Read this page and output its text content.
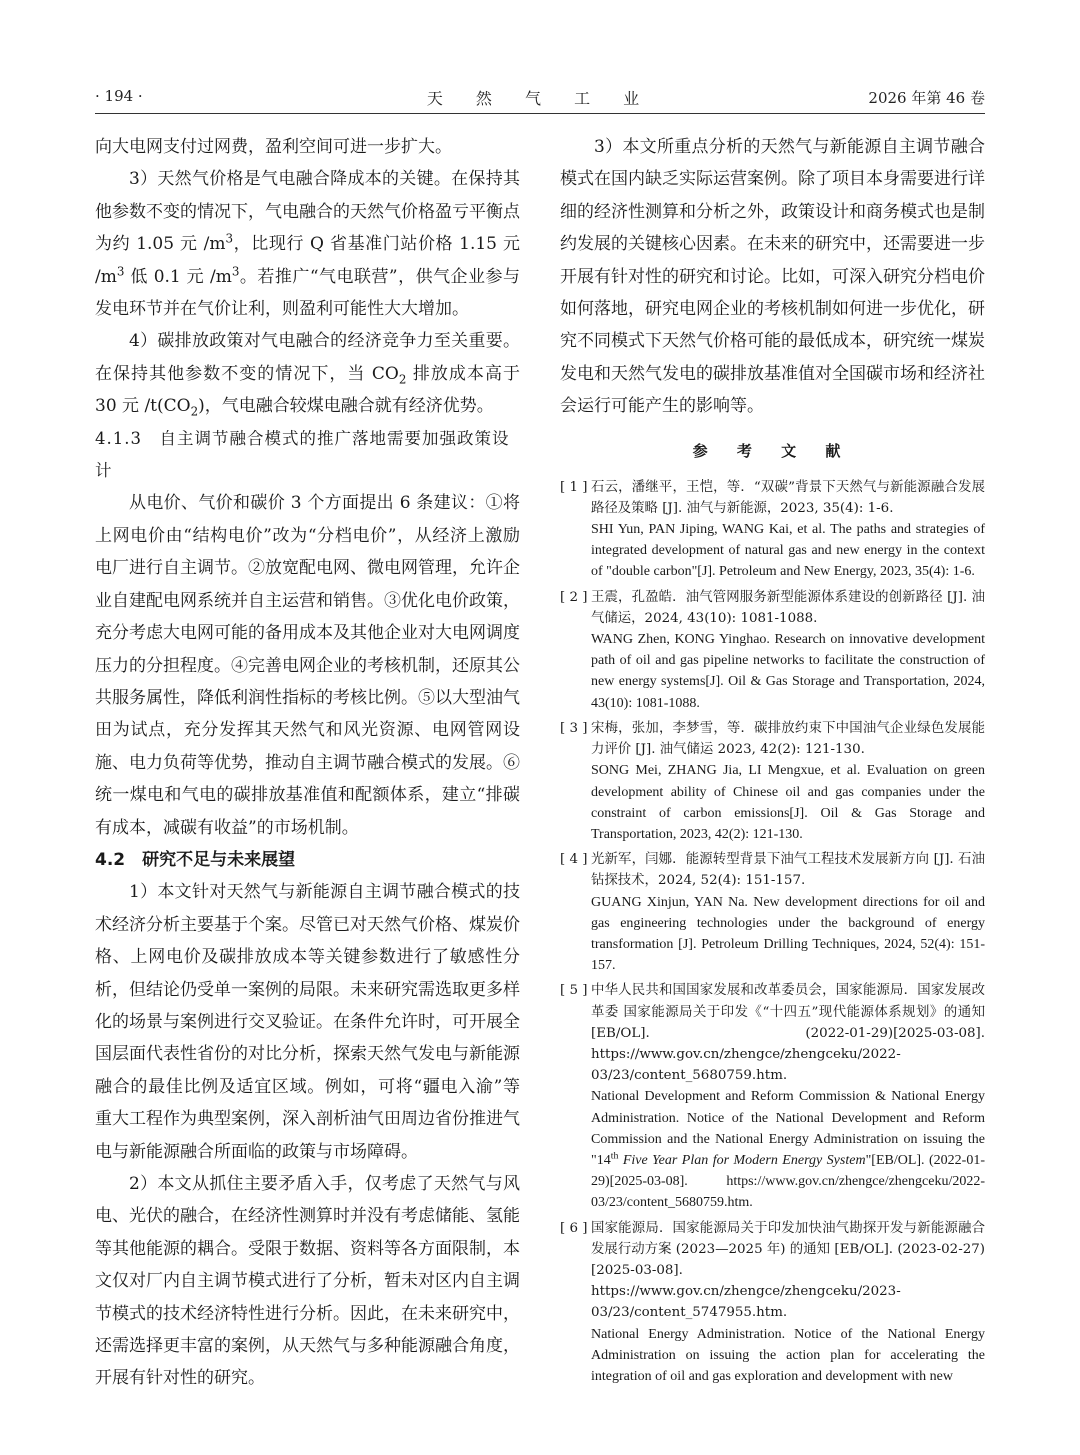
· 194 ·	天 然 气 工 业	2026 年第 46 卷

向大电网支付过网费，盈利空间可进一步扩大。

3）天然气价格是气电融合降成本的关键。在保持其他参数不变的情况下，气电融合的天然气价格盈亏平衡点为约 1.05 元 $/m^3$，比现行 Q 省基准门站价格 1.15 元 $/m^3$ 低 0.1 元 $/m^3$。若推广“气电联营”，供气企业参与发电环节并在气价让利，则盈利可能性大大增加。

4）碳排放政策对气电融合的经济竞争力至关重要。在保持其他参数不变的情况下，当 $CO_2$ 排放成本高于 30 元 $/t(CO_2)$，气电融合较煤电融合就有经济优势。

4.1.3　自主调节融合模式的推广落地需要加强政策设计

从电价、气价和碳价 3 个方面提出 6 条建议：①将上网电价由“结构电价”改为“分档电价”，从经济上激励电厂进行自主调节。②放宽配电网、微电网管理，允许企业自建配电网系统并自主运营和销售。③优化电价政策，充分考虑大电网可能的备用成本及其他企业对大电网调度压力的分担程度。④完善电网企业的考核机制，还原其公共服务属性，降低利润性指标的考核比例。⑤以大型油气田为试点，充分发挥其天然气和风光资源、电网管网设施、电力负荷等优势，推动自主调节融合模式的发展。⑥统一煤电和气电的碳排放基准值和配额体系，建立“排碳有成本，减碳有收益”的市场机制。

4.2　研究不足与未来展望

1）本文针对天然气与新能源自主调节融合模式的技术经济分析主要基于个案。尽管已对天然气价格、煤炭价格、上网电价及碳排放成本等关键参数进行了敏感性分析，但结论仍受单一案例的局限。未来研究需选取更多样化的场景与案例进行交叉验证。在条件允许时，可开展全国层面代表性省份的对比分析，探索天然气发电与新能源融合的最佳比例及适宜区域。例如，可将“疆电入渝”等重大工程作为典型案例，深入剖析油气田周边省份推进气电与新能源融合所面临的政策与市场障碍。

2）本文从抓住主要矛盾入手，仅考虑了天然气与风电、光伏的融合，在经济性测算时并没有考虑储能、氢能等其他能源的耦合。受限于数据、资料等各方面限制，本文仅对厂内自主调节模式进行了分析，暂未对区内自主调节模式的技术经济特性进行分析。因此，在未来研究中，还需选择更丰富的案例，从天然气与多种能源融合角度，开展有针对性的研究。

3）本文所重点分析的天然气与新能源自主调节融合模式在国内缺乏实际运营案例。除了项目本身需要进行详细的经济性测算和分析之外，政策设计和商务模式也是制约发展的关键核心因素。在未来的研究中，还需要进一步开展有针对性的研究和讨论。比如，可深入研究分档电价如何落地，研究电网企业的考核机制如何进一步优化，研究不同模式下天然气价格可能的最低成本，研究统一煤炭发电和天然气发电的碳排放基准值对全国碳市场和经济社会运行可能产生的影响等。

参 考 文 献

[ 1 ] 石云，潘继平，王恺，等．“双碳”背景下天然气与新能源融合发展路径及策略 [J]. 油气与新能源，2023, 35(4): 1-6.
SHI Yun, PAN Jiping, WANG Kai, et al. The paths and strategies of integrated development of natural gas and new energy in the context of "double carbon"[J]. Petroleum and New Energy, 2023, 35(4): 1-6.
[ 2 ] 王震，孔盈皓．油气管网服务新型能源体系建设的创新路径 [J]. 油气储运，2024, 43(10): 1081-1088.
WANG Zhen, KONG Yinghao. Research on innovative development path of oil and gas pipeline networks to facilitate the construction of new energy systems[J]. Oil & Gas Storage and Transportation, 2024, 43(10): 1081-1088.
[ 3 ] 宋梅，张加，李梦雪，等．碳排放约束下中国油气企业绿色发展能力评价 [J]. 油气储运 2023, 42(2): 121-130.
SONG Mei, ZHANG Jia, LI Mengxue, et al. Evaluation on green development ability of Chinese oil and gas companies under the constraint of carbon emissions[J]. Oil & Gas Storage and Transportation, 2023, 42(2): 121-130.
[ 4 ] 光新军，闫娜．能源转型背景下油气工程技术发展新方向 [J]. 石油钻探技术，2024, 52(4): 151-157.
GUANG Xinjun, YAN Na. New development directions for oil and gas engineering technologies under the background of energy transformation [J]. Petroleum Drilling Techniques, 2024, 52(4): 151-157.
[ 5 ] 中华人民共和国国家发展和改革委员会，国家能源局．国家发展改革委 国家能源局关于印发《“十四五”现代能源体系规划》的通知 [EB/OL]. (2022-01-29)[2025-03-08]. https://www.gov.cn/zhengce/zhengceku/2022-03/23/content_5680759.htm.
National Development and Reform Commission & National Energy Administration. Notice of the National Development and Reform Commission and the National Energy Administration on issuing the "14th Five Year Plan for Modern Energy System"[EB/OL]. (2022-01-29)[2025-03-08]. https://www.gov.cn/zhengce/zhengceku/2022-03/23/content_5680759.htm.
[ 6 ] 国家能源局．国家能源局关于印发加快油气勘探开发与新能源融合发展行动方案 (2023—2025 年) 的通知 [EB/OL]. (2023-02-27)[2025-03-08]. https://www.gov.cn/zhengce/zhengceku/2023-03/23/content_5747955.htm.
National Energy Administration. Notice of the National Energy Administration on issuing the action plan for accelerating the integration of oil and gas exploration and development with new
